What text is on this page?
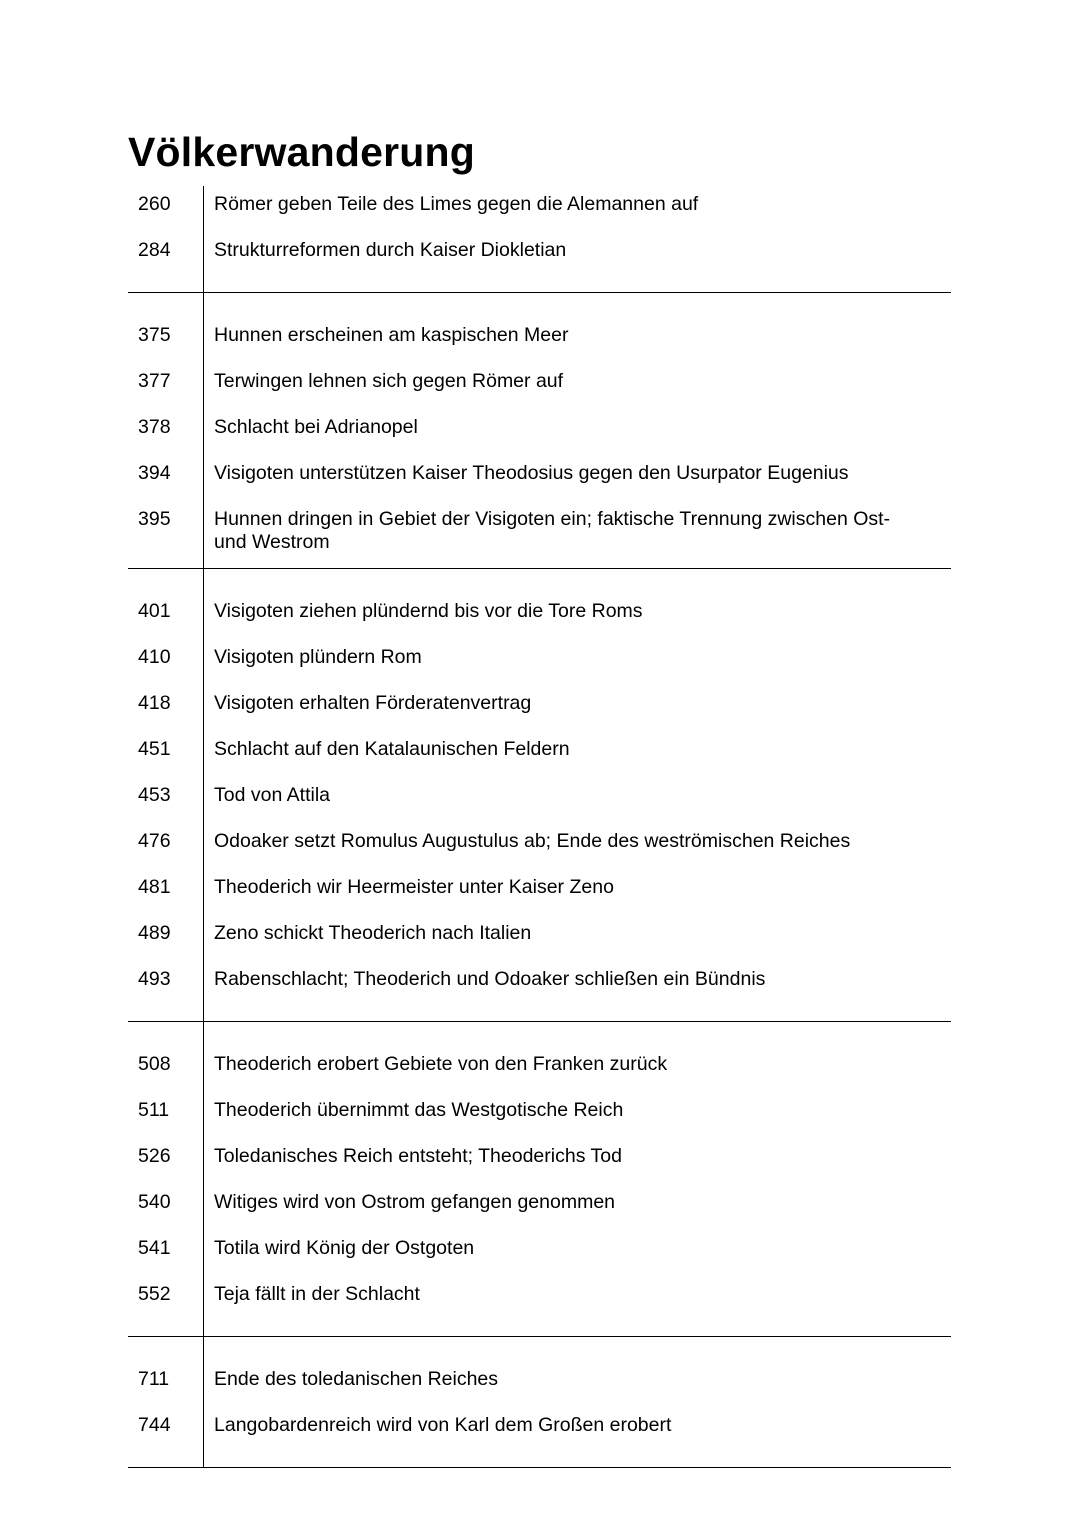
Völkerwanderung
260
284
Römer geben Teile des Limes gegen die Alemannen auf
Strukturreformen durch Kaiser Diokletian
375
377
378
394
395
Hunnen erscheinen am kaspischen Meer
Terwingen lehnen sich gegen Römer auf
Schlacht bei Adrianopel
Visigoten unterstützen Kaiser Theodosius gegen den Usurpator Eugenius
Hunnen dringen in Gebiet der Visigoten ein; faktische Trennung zwischen Ost- und Westrom
401
410
418
451
453
476
481
489
493
Visigoten ziehen plündernd bis vor die Tore Roms
Visigoten plündern Rom
Visigoten erhalten Förderatenvertrag
Schlacht auf den Katalaunischen Feldern
Tod von Attila
Odoaker setzt Romulus Augustulus ab; Ende des weströmischen Reiches
Theoderich wir Heermeister unter Kaiser Zeno
Zeno schickt Theoderich nach Italien
Rabenschlacht; Theoderich und Odoaker schließen ein Bündnis
508
511
526
540
541
552
Theoderich erobert Gebiete von den Franken zurück
Theoderich übernimmt das Westgotische Reich
Toledanisches Reich entsteht; Theoderichs Tod
Witiges wird von Ostrom gefangen genommen
Totila wird König der Ostgoten
Teja fällt in der Schlacht
711
744
Ende des toledanischen Reiches
Langobardenreich wird von Karl dem Großen erobert
